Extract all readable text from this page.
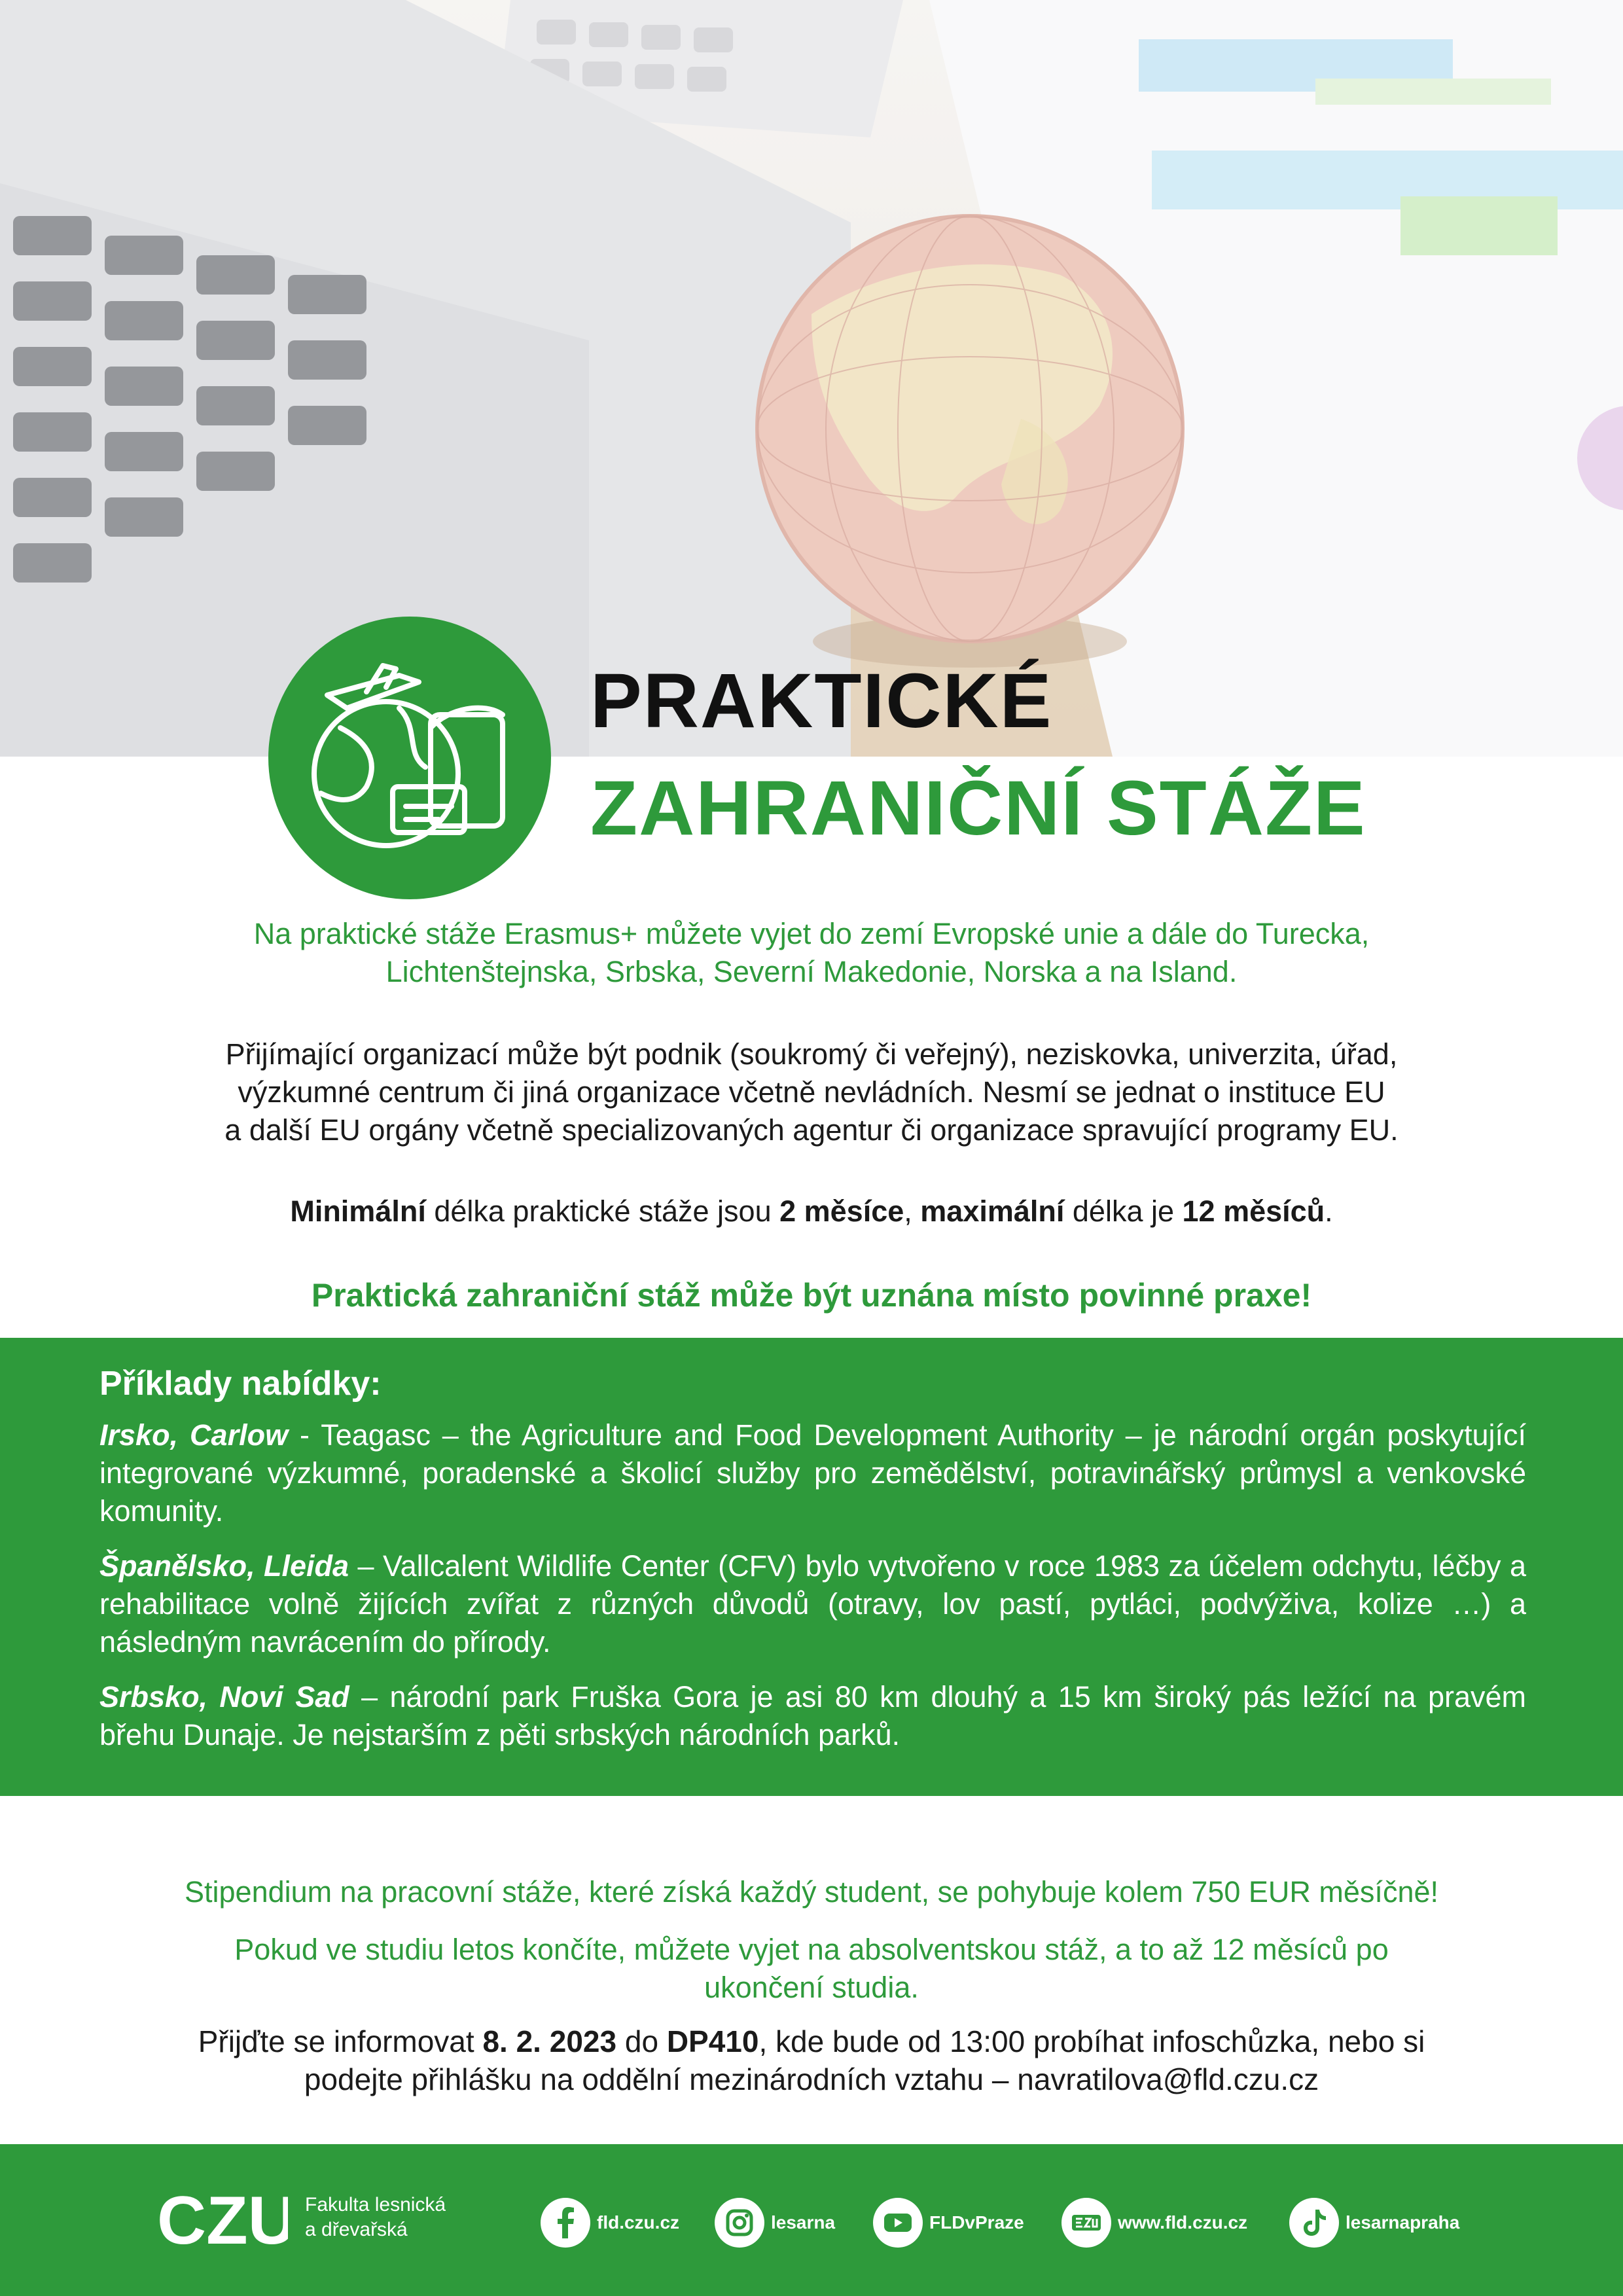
PRAKTICKÉ
ZAHRANIČNÍ STÁŽE
Na praktické stáže Erasmus+ můžete vyjet do zemí Evropské unie a dále do Turecka,
Lichtenštejnska, Srbska, Severní Makedonie, Norska a na Island.
Přijímající organizací může být podnik (soukromý či veřejný), neziskovka, univerzita, úřad,
výzkumné centrum či jiná organizace včetně nevládních. Nesmí se jednat o instituce EU
a další EU orgány včetně specializovaných agentur či organizace spravující programy EU.
Minimální délka praktické stáže jsou 2 měsíce, maximální délka je 12 měsíců.
Praktická zahraniční stáž může být uznána místo povinné praxe!
Příklady nabídky:
Irsko, Carlow - Teagasc – the Agriculture and Food Development Authority – je národní orgán poskytující integrované výzkumné, poradenské a školicí služby pro zemědělství, potravinářský průmysl a venkovské komunity.
Španělsko, Lleida – Vallcalent Wildlife Center (CFV) bylo vytvořeno v roce 1983 za účelem odchytu, léčby a rehabilitace volně žijících zvířat z různých důvodů (otravy, lov pastí, pytláci, podvýživa, kolize …) a následným navrácením do přírody.
Srbsko, Novi Sad – národní park Fruška Gora je asi 80 km dlouhý a 15 km široký pás ležící na pravém břehu Dunaje. Je nejstarším z pěti srbských národních parků.
Stipendium na pracovní stáže, které získá každý student, se pohybuje kolem 750 EUR měsíčně!
Pokud ve studiu letos končíte, můžete vyjet na absolventskou stáž, a to až 12 měsíců po
ukončení studia.
Přijďte se informovat 8. 2. 2023 do DP410, kde bude od 13:00 probíhat infoschůzka, nebo si
podejte přihlášku na oddělní mezinárodních vztahu – navratilova@fld.czu.cz
CZU Fakulta lesnická
a dřevařská	fld.czu.cz	lesarna	FLDvPraze	www.fld.czu.cz	lesarnapraha
